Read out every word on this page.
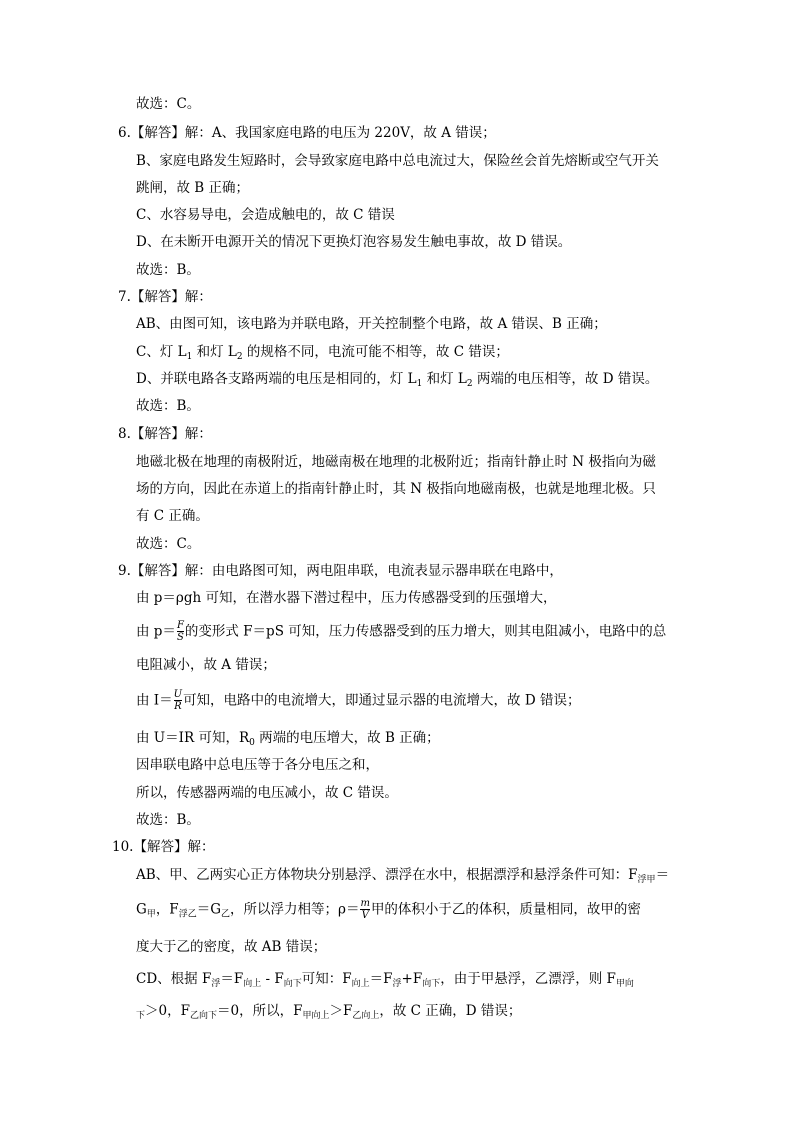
故选：C。
6.【解答】解：A、我国家庭电路的电压为 220V，故 A 错误；
B、家庭电路发生短路时，会导致家庭电路中总电流过大，保险丝会首先熔断或空气开关
跳闸，故 B 正确；
C、水容易导电，会造成触电的，故 C 错误
D、在未断开电源开关的情况下更换灯泡容易发生触电事故，故 D 错误。
故选：B。
7.【解答】解：
AB、由图可知，该电路为并联电路，开关控制整个电路，故 A 错误、B 正确；
C、灯 $L_1$ 和灯 $L_2$ 的规格不同，电流可能不相等，故 C 错误；
D、并联电路各支路两端的电压是相同的，灯 $L_1$ 和灯 $L_2$ 两端的电压相等，故 D 错误。
故选：B。
8.【解答】解：
地磁北极在地理的南极附近，地磁南极在地理的北极附近；指南针静止时 N 极指向为磁
场的方向，因此在赤道上的指南针静止时，其 N 极指向地磁南极，也就是地理北极。只
有 C 正确。
故选：C。
9.【解答】解：由电路图可知，两电阻串联，电流表显示器串联在电路中，
由 p＝ρgh 可知，在潜水器下潜过程中，压力传感器受到的压强增大，
由 $p= \frac{F}{S}$ 的变形式 F＝pS 可知，压力传感器受到的压力增大，则其电阻减小，电路中的总
电阻减小，故 A 错误；
由 $I= \frac{U}{R}$ 可知，电路中的电流增大，即通过显示器的电流增大，故 D 错误；
由 U＝IR 可知，$R_0$ 两端的电压增大，故 B 正确；
因串联电路中总电压等于各分电压之和，
所以，传感器两端的电压减小，故 C 错误。
故选：B。
10.【解答】解：
AB、甲、乙两实心正方体物块分别悬浮、漂浮在水中，根据漂浮和悬浮条件可知：$F_{浮甲}=$
$G_甲$，$F_{浮乙}=G_乙$，所以浮力相等；$\rho= \frac{m}{V}$ 甲的体积小于乙的体积，质量相同，故甲的密
度大于乙的密度，故 AB 错误；
CD、根据 $F_浮=F_{向上} - F_{向下}$可知：$F_{向上}=F_浮+F_{向下}$，由于甲悬浮，乙漂浮，则 $F_{甲向}$
$_下$＞0，$F_{乙向下}=0$，所以，$F_{甲向上}>F_{乙向上}$，故 C 正确，D 错误；
